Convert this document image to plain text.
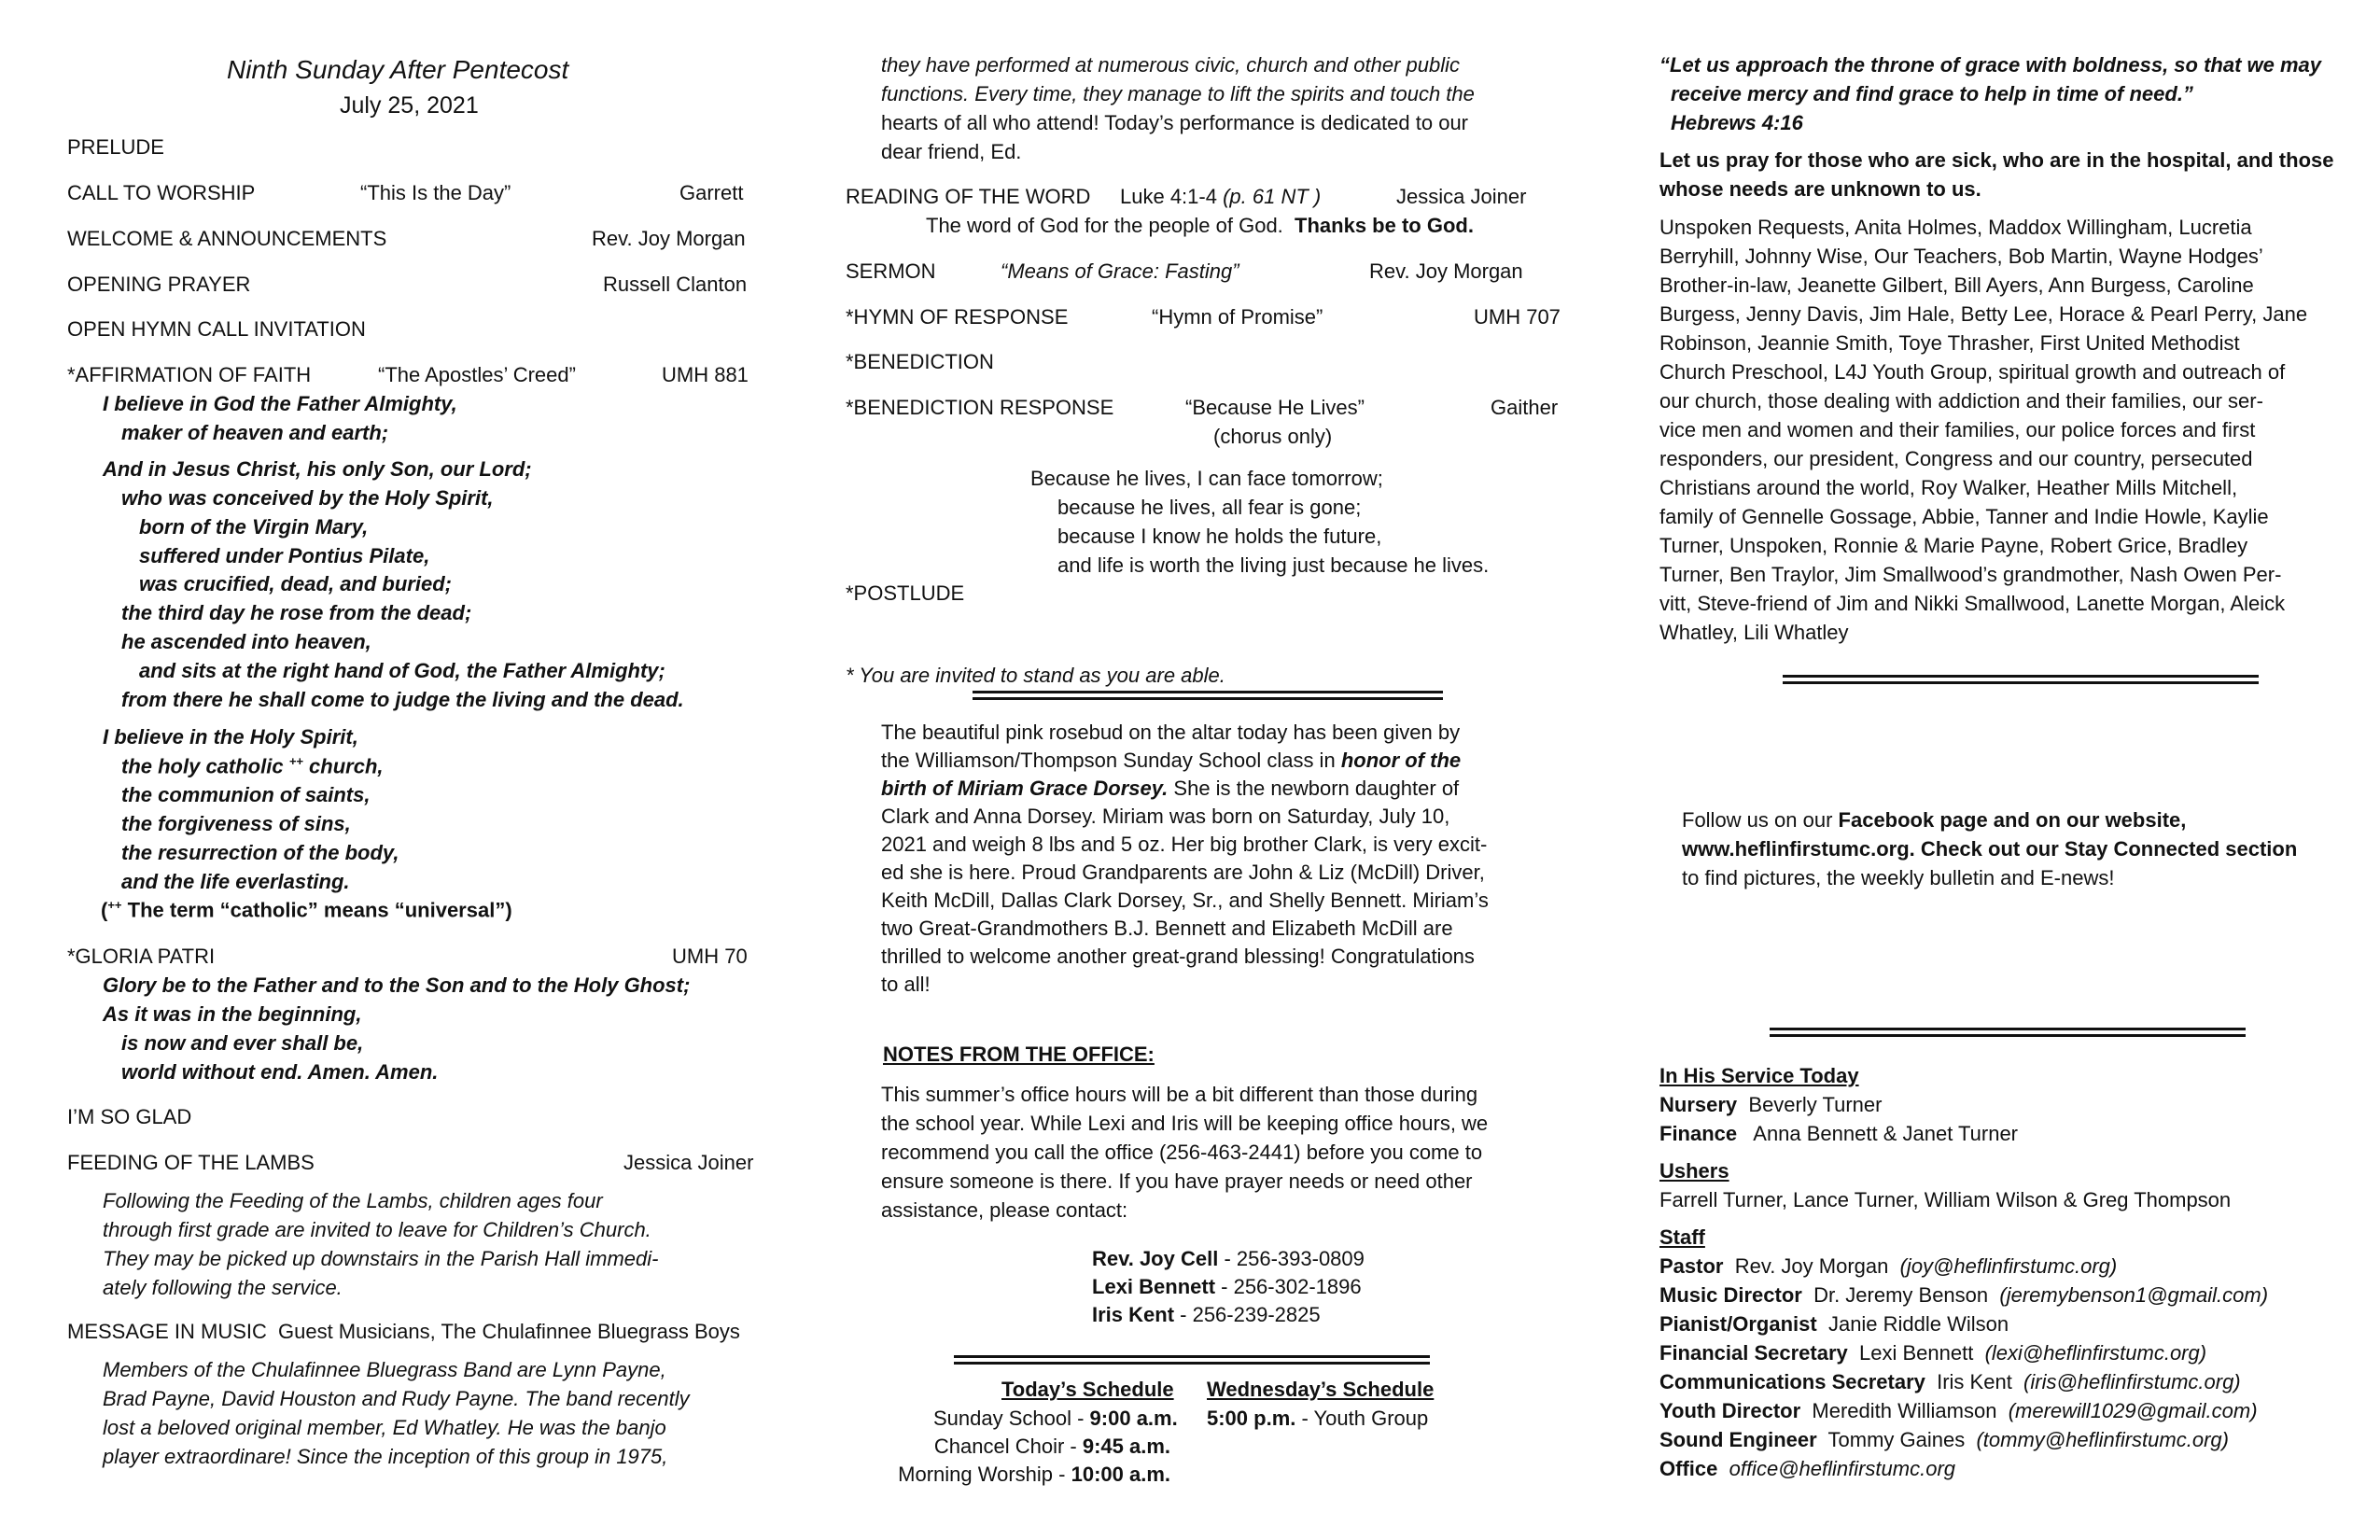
Ninth Sunday After Pentecost
July 25, 2021
PRELUDE
CALL TO WORSHIP	“This Is the Day”	Garrett
WELCOME & ANNOUNCEMENTS	Rev. Joy Morgan
OPENING PRAYER	Russell Clanton
OPEN HYMN CALL INVITATION
*AFFIRMATION OF FAITH	“The Apostles’ Creed”	UMH 881
I believe in God the Father Almighty,
maker of heaven and earth;
And in Jesus Christ, his only Son, our Lord;
who was conceived by the Holy Spirit,
born of the Virgin Mary,
suffered under Pontius Pilate,
was crucified, dead, and buried;
the third day he rose from the dead;
he ascended into heaven,
and sits at the right hand of God, the Father Almighty;
from there he shall come to judge the living and the dead.
I believe in the Holy Spirit,
the holy catholic ++ church,
the communion of saints,
the forgiveness of sins,
the resurrection of the body,
and the life everlasting.
(++ The term “catholic” means “universal”)
*GLORIA PATRI	UMH 70
Glory be to the Father and to the Son and to the Holy Ghost;
As it was in the beginning,
is now and ever shall be,
world without end. Amen. Amen.
I’M SO GLAD
FEEDING OF THE LAMBS	Jessica Joiner
Following the Feeding of the Lambs, children ages four
through first grade are invited to leave for Children’s Church.
They may be picked up downstairs in the Parish Hall immedi-
ately following the service.
MESSAGE IN MUSIC Guest Musicians, The Chulafinnee Bluegrass Boys
Members of the Chulafinnee Bluegrass Band are Lynn Payne,
Brad Payne, David Houston and Rudy Payne. The band recently
lost a beloved original member, Ed Whatley. He was the banjo
player extraordinare! Since the inception of this group in 1975,
they have performed at numerous civic, church and other public
functions. Every time, they manage to lift the spirits and touch the
hearts of all who attend! Today’s performance is dedicated to our
dear friend, Ed.
READING OF THE WORD Luke 4:1-4 (p. 61 NT )	Jessica Joiner
The word of God for the people of God. Thanks be to God.
SERMON	“Means of Grace: Fasting”	Rev. Joy Morgan
*HYMN OF RESPONSE	“Hymn of Promise”	UMH 707
*BENEDICTION
*BENEDICTION RESPONSE	“Because He Lives”	Gaither
(chorus only)
Because he lives, I can face tomorrow;
because he lives, all fear is gone;
because I know he holds the future,
and life is worth the living just because he lives.
*POSTLUDE
* You are invited to stand as you are able.
The beautiful pink rosebud on the altar today has been given by
the Williamson/Thompson Sunday School class in honor of the
birth of Miriam Grace Dorsey. She is the newborn daughter of
Clark and Anna Dorsey. Miriam was born on Saturday, July 10,
2021 and weigh 8 lbs and 5 oz. Her big brother Clark, is very excit-
ed she is here. Proud Grandparents are John & Liz (McDill) Driver,
Keith McDill, Dallas Clark Dorsey, Sr., and Shelly Bennett. Miriam’s
two Great-Grandmothers B.J. Bennett and Elizabeth McDill are
thrilled to welcome another great-grand blessing! Congratulations
to all!
NOTES FROM THE OFFICE:
This summer’s office hours will be a bit different than those during
the school year. While Lexi and Iris will be keeping office hours, we
recommend you call the office (256-463-2441) before you come to
ensure someone is there. If you have prayer needs or need other
assistance, please contact:
Rev. Joy Cell - 256-393-0809
Lexi Bennett - 256-302-1896
Iris Kent - 256-239-2825
Today’s Schedule
Sunday School - 9:00 a.m.
Chancel Choir - 9:45 a.m.
Morning Worship - 10:00 a.m.
Wednesday’s Schedule
5:00 p.m. - Youth Group
“Let us approach the throne of grace with boldness, so that we may
receive mercy and find grace to help in time of need.”
Hebrews 4:16
Let us pray for those who are sick, who are in the hospital, and those
whose needs are unknown to us.
Unspoken Requests, Anita Holmes, Maddox Willingham, Lucretia
Berryhill, Johnny Wise, Our Teachers, Bob Martin, Wayne Hodges’
Brother-in-law, Jeanette Gilbert, Bill Ayers, Ann Burgess, Caroline
Burgess, Jenny Davis, Jim Hale, Betty Lee, Horace & Pearl Perry, Jane
Robinson, Jeannie Smith, Toye Thrasher, First United Methodist
Church Preschool, L4J Youth Group, spiritual growth and outreach of
our church, those dealing with addiction and their families, our ser-
vice men and women and their families, our police forces and first
responders, our president, Congress and our country, persecuted
Christians around the world, Roy Walker, Heather Mills Mitchell,
family of Gennelle Gossage, Abbie, Tanner and Indie Howle, Kaylie
Turner, Unspoken, Ronnie & Marie Payne, Robert Grice, Bradley
Turner, Ben Traylor, Jim Smallwood’s grandmother, Nash Owen Per-
vitt, Steve-friend of Jim and Nikki Smallwood, Lanette Morgan, Aleick
Whatley, Lili Whatley
Follow us on our Facebook page and on our website,
www.heflinfirstumc.org. Check out our Stay Connected section
to find pictures, the weekly bulletin and E-news!
In His Service Today
Nursery Beverly Turner
Finance Anna Bennett & Janet Turner
Ushers
Farrell Turner, Lance Turner, William Wilson & Greg Thompson
Staff
Pastor Rev. Joy Morgan (joy@heflinfirstumc.org)
Music Director Dr. Jeremy Benson (jeremybenson1@gmail.com)
Pianist/Organist Janie Riddle Wilson
Financial Secretary Lexi Bennett (lexi@heflinfirstumc.org)
Communications Secretary Iris Kent (iris@heflinfirstumc.org)
Youth Director Meredith Williamson (merewill1029@gmail.com)
Sound Engineer Tommy Gaines (tommy@heflinfirstumc.org)
Office office@heflinfirstumc.org
